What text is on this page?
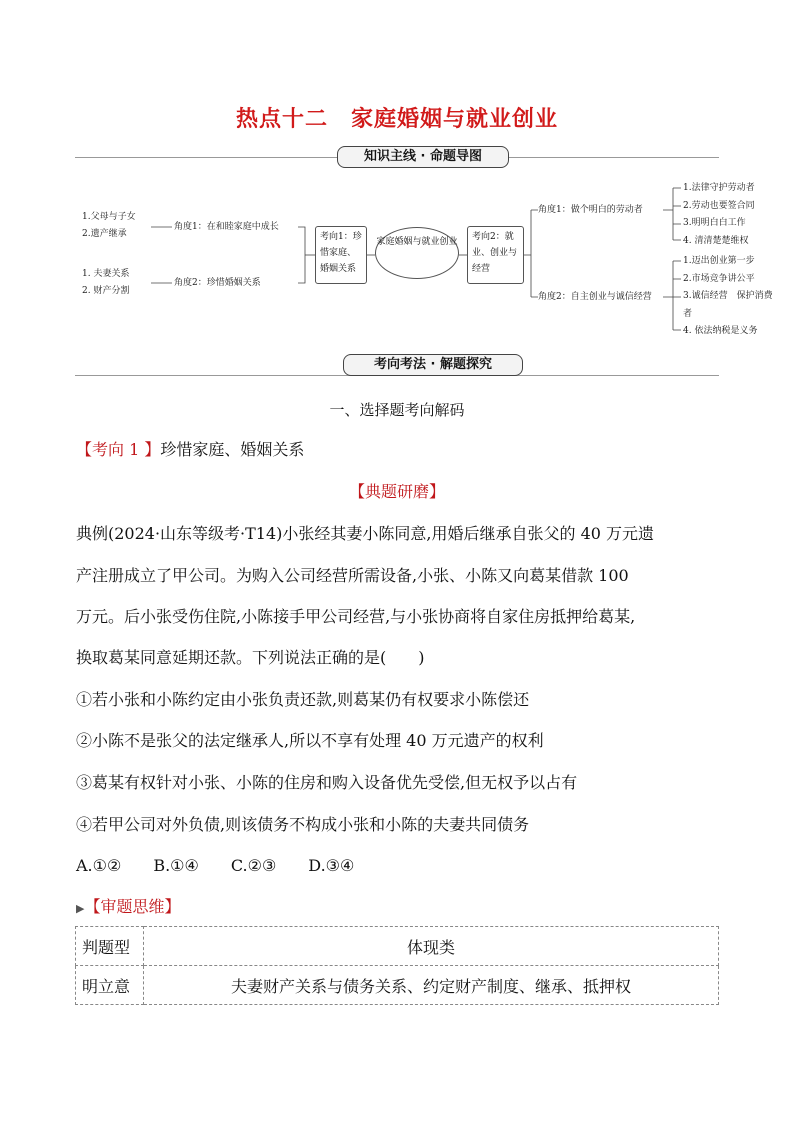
热点十二　家庭婚姻与就业创业
知识主线 · 命题导图
1.父母与子女
2.遗产继承
1. 夫妻关系
2. 财产分割
角度1：在和睦家庭中成长
角度2：珍惜婚姻关系
考向1：珍惜家庭、婚姻关系
家庭婚姻与就业创业	考向2：就业、创业与经营
角度1：做个明白的劳动者
角度2：自主创业与诚信经营
1.法律守护劳动者
2.劳动也要签合同
3.明明白白工作
4. 清清楚楚维权
1.迈出创业第一步
2.市场竞争讲公平
3.诚信经营　保护消费者
4. 依法纳税是义务
考向考法 · 解题探究
一、选择题考向解码
【考向 1 】珍惜家庭、婚姻关系
【典题研磨】
典例(2024·山东等级考·T14)小张经其妻小陈同意,用婚后继承自张父的 40 万元遗
产注册成立了甲公司。为购入公司经营所需设备,小张、小陈又向葛某借款 100
万元。后小张受伤住院,小陈接手甲公司经营,与小张协商将自家住房抵押给葛某,
换取葛某同意延期还款。下列说法正确的是(　　)
①若小张和小陈约定由小张负责还款,则葛某仍有权要求小陈偿还
②小陈不是张父的法定继承人,所以不享有处理 40 万元遗产的权利
③葛某有权针对小张、小陈的住房和购入设备优先受偿,但无权予以占有
④若甲公司对外负债,则该债务不构成小张和小陈的夫妻共同债务
A.①②　　B.①④　　C.②③　　D.③④
▶【审题思维】
判题型	体现类
明立意	夫妻财产关系与债务关系、约定财产制度、继承、抵押权
